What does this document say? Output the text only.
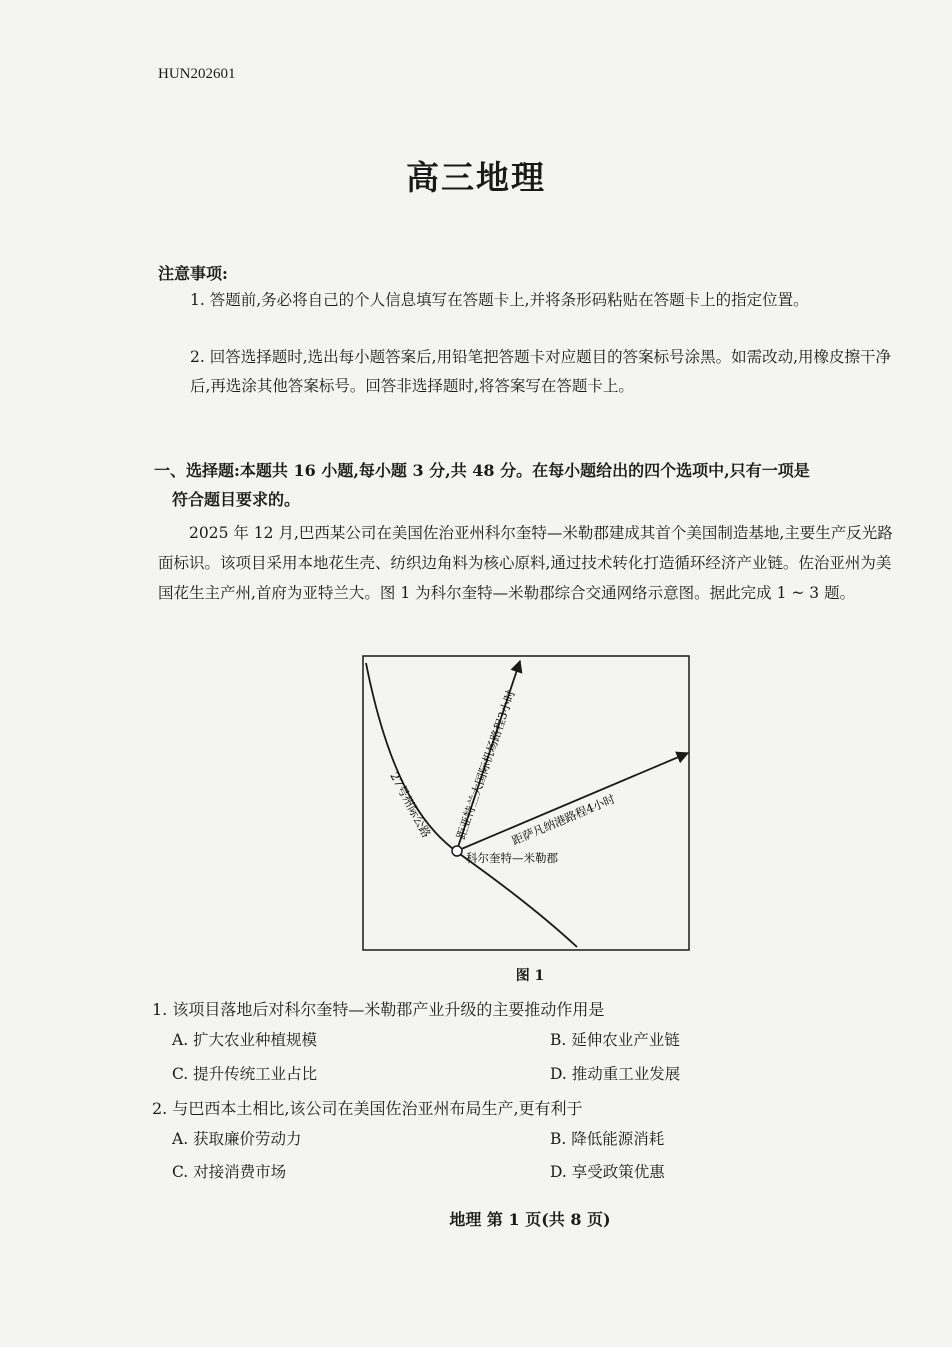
HUN202601
高三地理
注意事项:
1. 答题前,务必将自己的个人信息填写在答题卡上,并将条形码粘贴在答题卡上的指定位置。
2. 回答选择题时,选出每小题答案后,用铅笔把答题卡对应题目的答案标号涂黑。如需改动,用橡皮擦干净后,再选涂其他答案标号。回答非选择题时,将答案写在答题卡上。
一、选择题:本题共 16 小题,每小题 3 分,共 48 分。在每小题给出的四个选项中,只有一项是
符合题目要求的。
2025 年 12 月,巴西某公司在美国佐治亚州科尔奎特—米勒郡建成其首个美国制造基地,主要生产反光路面标识。该项目采用本地花生壳、纺织边角料为核心原料,通过技术转化打造循环经济产业链。佐治亚州为美国花生主产州,首府为亚特兰大。图 1 为科尔奎特—米勒郡综合交通网络示意图。据此完成 1 ~ 3 题。
27号州际公路 距亚特兰大国际机场路程3小时
距萨凡纳港路程4小时
科尔奎特—米勒郡
图 1
1. 该项目落地后对科尔奎特—米勒郡产业升级的主要推动作用是
A. 扩大农业种植规模	B. 延伸农业产业链
C. 提升传统工业占比	D. 推动重工业发展
2. 与巴西本土相比,该公司在美国佐治亚州布局生产,更有利于
A. 获取廉价劳动力	B. 降低能源消耗
C. 对接消费市场	D. 享受政策优惠
地理 第 1 页(共 8 页)
